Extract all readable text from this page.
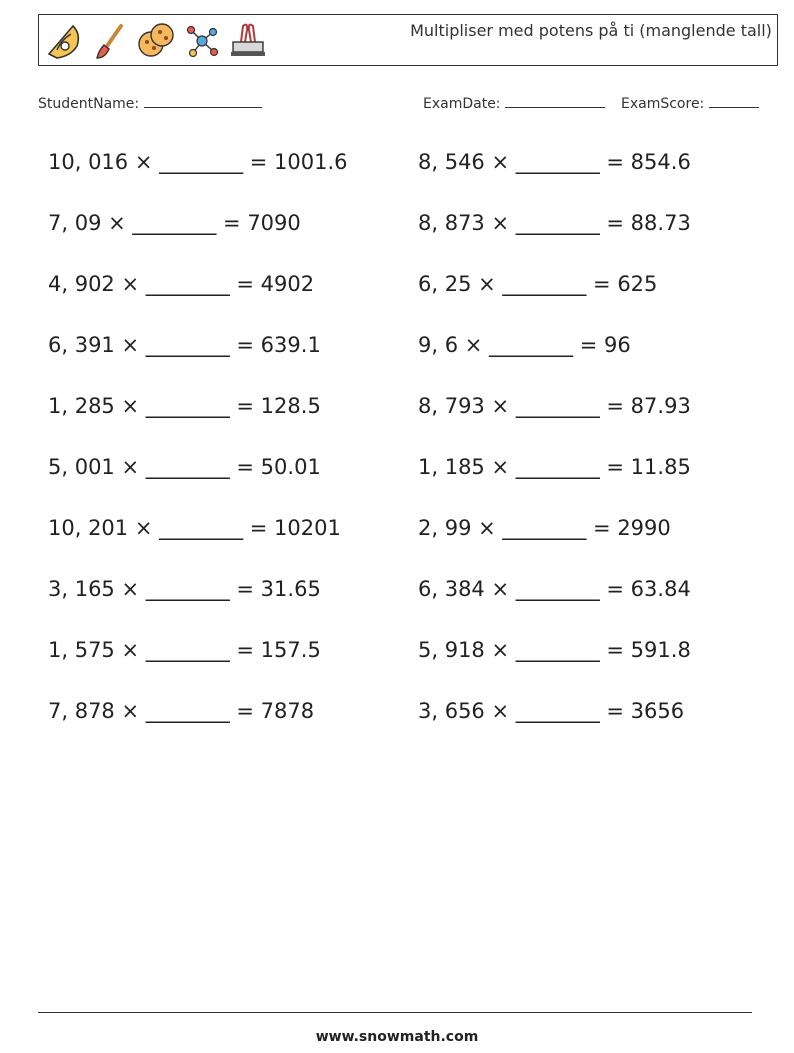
Multipliser med potens på ti (manglende tall)
StudentName:	ExamDate:	ExamScore:
10, 016 × ________ = 1001.6
7, 09 × ________ = 7090
4, 902 × ________ = 4902
6, 391 × ________ = 639.1
1, 285 × ________ = 128.5
5, 001 × ________ = 50.01
10, 201 × ________ = 10201
3, 165 × ________ = 31.65
1, 575 × ________ = 157.5
7, 878 × ________ = 7878
8, 546 × ________ = 854.6
8, 873 × ________ = 88.73
6, 25 × ________ = 625
9, 6 × ________ = 96
8, 793 × ________ = 87.93
1, 185 × ________ = 11.85
2, 99 × ________ = 2990
6, 384 × ________ = 63.84
5, 918 × ________ = 591.8
3, 656 × ________ = 3656
www.snowmath.com
